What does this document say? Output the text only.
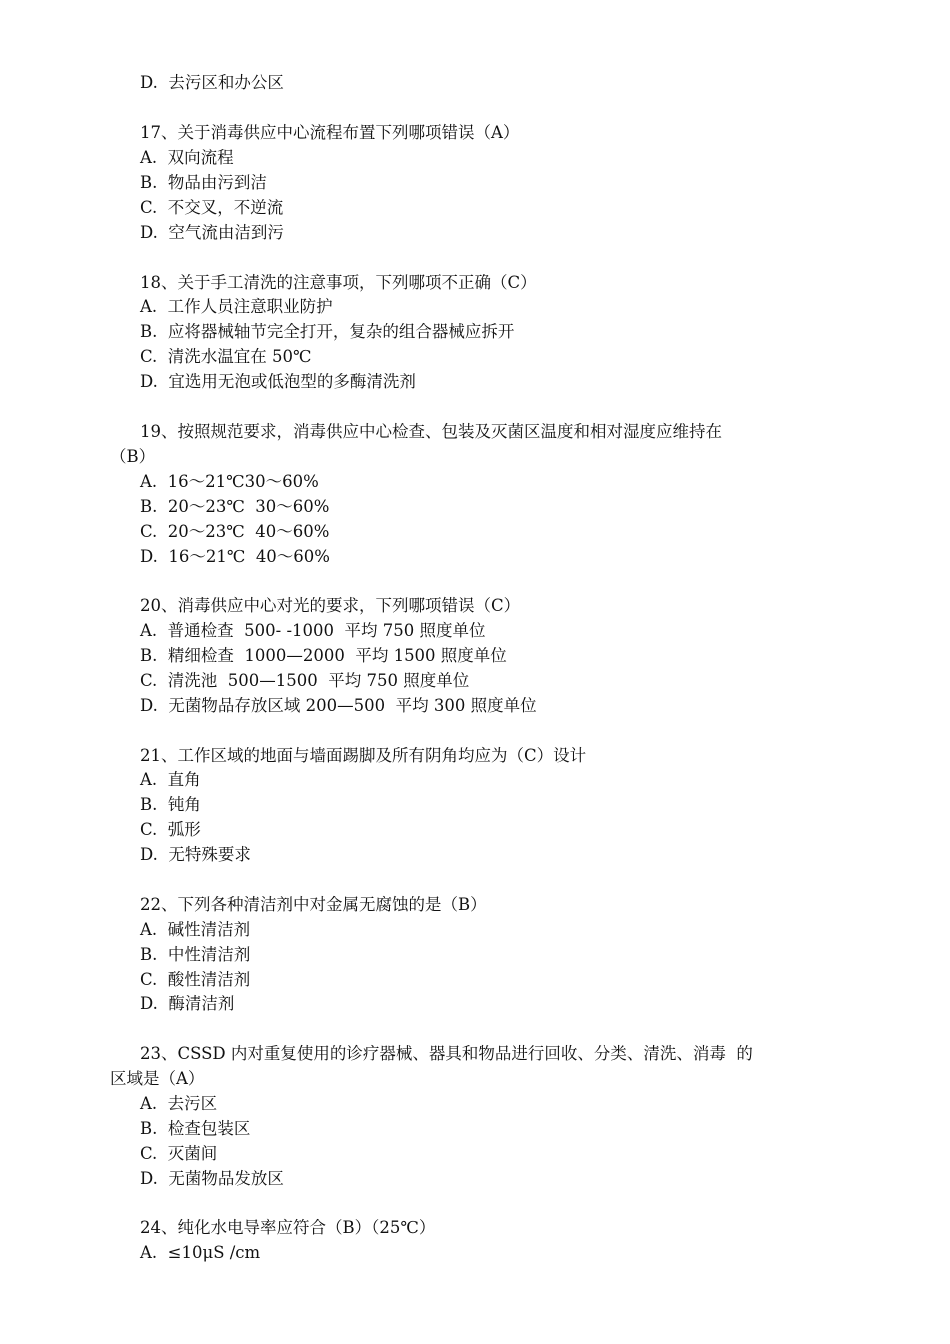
D.  去污区和办公区
17、关于消毒供应中心流程布置下列哪项错误（A）
A.  双向流程
B.  物品由污到洁
C.  不交叉，不逆流
D.  空气流由洁到污
18、关于手工清洗的注意事项，下列哪项不正确（C）
A.  工作人员注意职业防护
B.  应将器械轴节完全打开，复杂的组合器械应拆开
C.  清洗水温宜在 50℃
D.  宜选用无泡或低泡型的多酶清洗剂
19、按照规范要求，消毒供应中心检查、包装及灭菌区温度和相对湿度应维持在
（B）
A.  16～21℃30～60%
B.  20～23℃  30～60%
C.  20～23℃  40～60%
D.  16～21℃  40～60%
20、消毒供应中心对光的要求，下列哪项错误（C）
A.  普通检查  500- -1000  平均 750 照度单位
B.  精细检查  1000—2000  平均 1500 照度单位
C.  清洗池  500—1500  平均 750 照度单位
D.  无菌物品存放区域 200—500  平均 300 照度单位
21、工作区域的地面与墙面踢脚及所有阴角均应为（C）设计
A.  直角
B.  钝角
C.  弧形
D.  无特殊要求
22、下列各种清洁剂中对金属无腐蚀的是（B）
A.  碱性清洁剂
B.  中性清洁剂
C.  酸性清洁剂
D.  酶清洁剂
23、CSSD 内对重复使用的诊疗器械、器具和物品进行回收、分类、清洗、消毒  的
区域是（A）
A.  去污区
B.  检查包装区
C.  灭菌间
D.  无菌物品发放区
24、纯化水电导率应符合（B）（25℃）
A.  ≤10μS /cm
